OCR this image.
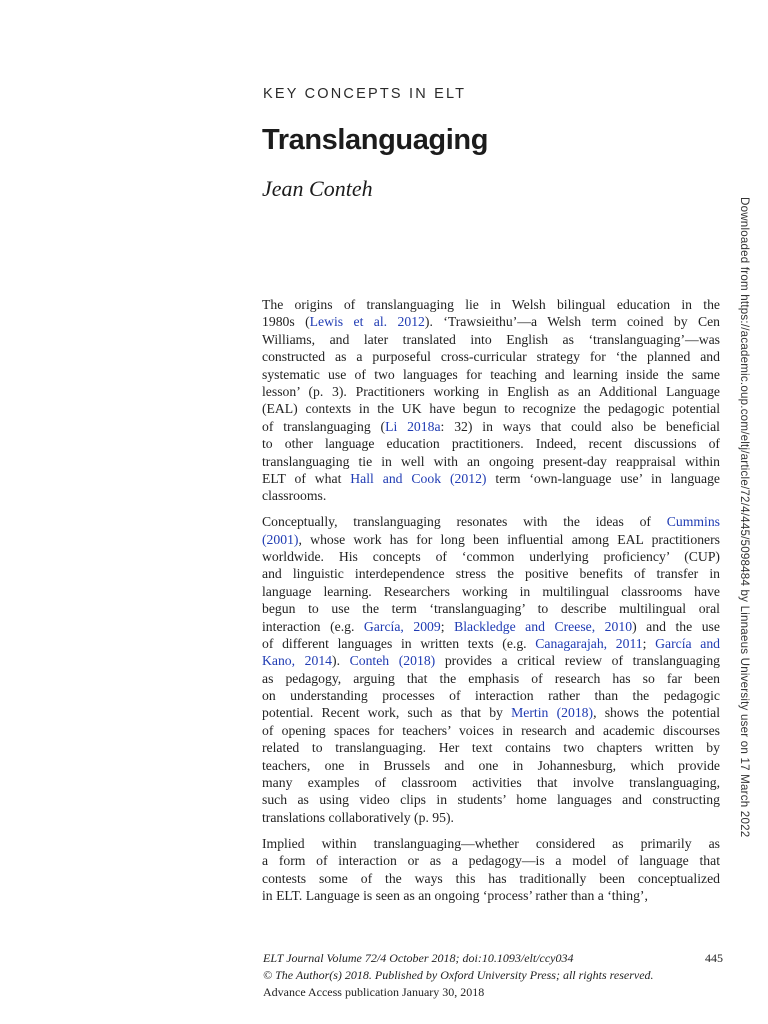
KEY CONCEPTS IN ELT
Translanguaging
Jean Conteh
The origins of translanguaging lie in Welsh bilingual education in the
1980s (Lewis et al. 2012). ‘Trawsieithu’—a Welsh term coined by Cen
Williams, and later translated into English as ‘translanguaging’—was
constructed as a purposeful cross-curricular strategy for ‘the planned and
systematic use of two languages for teaching and learning inside the same
lesson’ (p. 3). Practitioners working in English as an Additional Language
(EAL) contexts in the UK have begun to recognize the pedagogic potential
of translanguaging (Li 2018a: 32) in ways that could also be beneficial
to other language education practitioners. Indeed, recent discussions of
translanguaging tie in well with an ongoing present-day reappraisal within
ELT of what Hall and Cook (2012) term ‘own-language use’ in language
classrooms.
Conceptually, translanguaging resonates with the ideas of Cummins
(2001), whose work has for long been influential among EAL practitioners
worldwide. His concepts of ‘common underlying proficiency’ (CUP)
and linguistic interdependence stress the positive benefits of transfer in
language learning. Researchers working in multilingual classrooms have
begun to use the term ‘translanguaging’ to describe multilingual oral
interaction (e.g. García, 2009; Blackledge and Creese, 2010) and the use
of different languages in written texts (e.g. Canagarajah, 2011; García and
Kano, 2014). Conteh (2018) provides a critical review of translanguaging
as pedagogy, arguing that the emphasis of research has so far been
on understanding processes of interaction rather than the pedagogic
potential. Recent work, such as that by Mertin (2018), shows the potential
of opening spaces for teachers’ voices in research and academic discourses
related to translanguaging. Her text contains two chapters written by
teachers, one in Brussels and one in Johannesburg, which provide
many examples of classroom activities that involve translanguaging,
such as using video clips in students’ home languages and constructing
translations collaboratively (p. 95).
Implied within translanguaging—whether considered as primarily as
a form of interaction or as a pedagogy—is a model of language that
contests some of the ways this has traditionally been conceptualized
in ELT. Language is seen as an ongoing ‘process’ rather than a ‘thing’,
ELT Journal Volume 72/4 October 2018; doi:10.1093/elt/ccy034
© The Author(s) 2018. Published by Oxford University Press; all rights reserved.
Advance Access publication January 30, 2018
445
Downloaded from https://academic.oup.com/eltj/article/72/4/445/5098484 by Linnaeus University user on 17 March 2022
